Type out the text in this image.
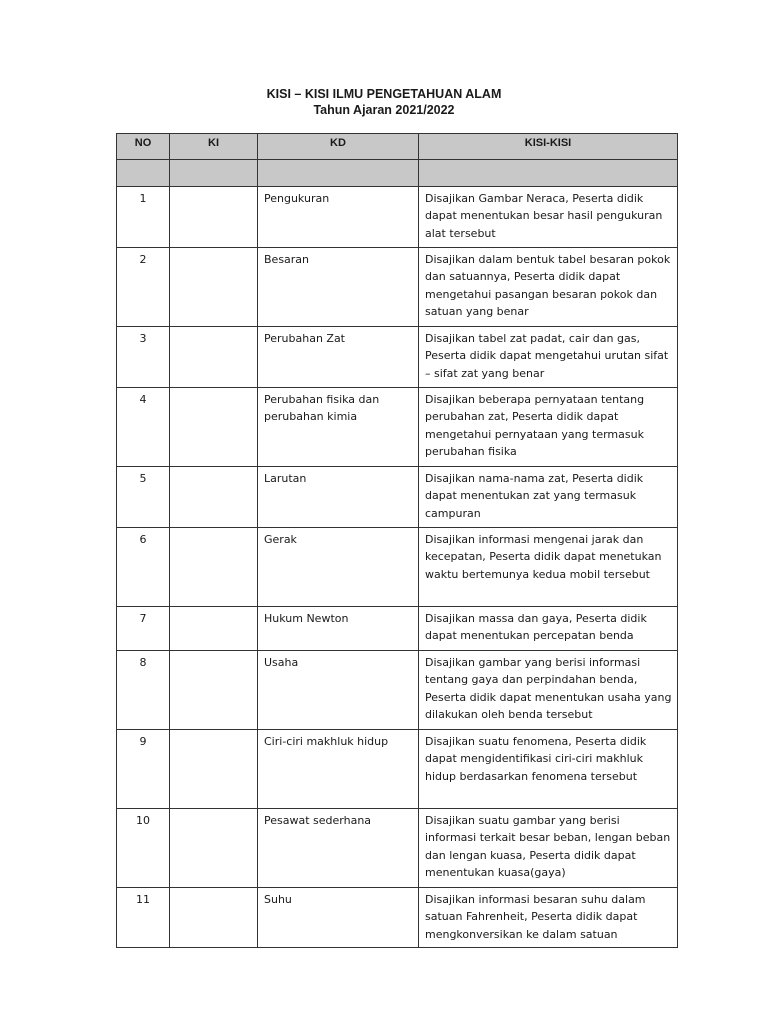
KISI – KISI ILMU PENGETAHUAN ALAM
Tahun Ajaran 2021/2022
NO	KI	KD	KISI-KISI

1		Pengukuran	Disajikan Gambar Neraca, Peserta didik dapat menentukan besar hasil pengukuran alat tersebut
2		Besaran	Disajikan dalam bentuk tabel besaran pokok dan satuannya, Peserta didik dapat mengetahui pasangan besaran pokok dan satuan yang benar
3		Perubahan Zat	Disajikan tabel zat padat, cair dan gas, Peserta didik dapat mengetahui urutan sifat – sifat zat yang benar
4		Perubahan fisika dan perubahan kimia	Disajikan beberapa pernyataan tentang perubahan zat, Peserta didik dapat mengetahui pernyataan yang termasuk perubahan fisika
5		Larutan	Disajikan nama-nama zat, Peserta didik dapat menentukan zat yang termasuk campuran
6		Gerak	Disajikan informasi mengenai jarak dan kecepatan, Peserta didik dapat menetukan waktu bertemunya kedua mobil tersebut
7		Hukum Newton	Disajikan massa dan gaya, Peserta didik dapat menentukan percepatan benda
8		Usaha	Disajikan gambar yang berisi informasi tentang gaya dan perpindahan benda, Peserta didik dapat menentukan usaha yang dilakukan oleh benda tersebut
9		Ciri-ciri makhluk hidup	Disajikan suatu fenomena, Peserta didik dapat mengidentifikasi ciri-ciri makhluk hidup berdasarkan fenomena tersebut
10		Pesawat sederhana	Disajikan suatu gambar yang berisi informasi terkait besar beban, lengan beban dan lengan kuasa, Peserta didik dapat menentukan kuasa(gaya)
11		Suhu	Disajikan informasi besaran suhu dalam satuan Fahrenheit, Peserta didik dapat mengkonversikan ke dalam satuan
